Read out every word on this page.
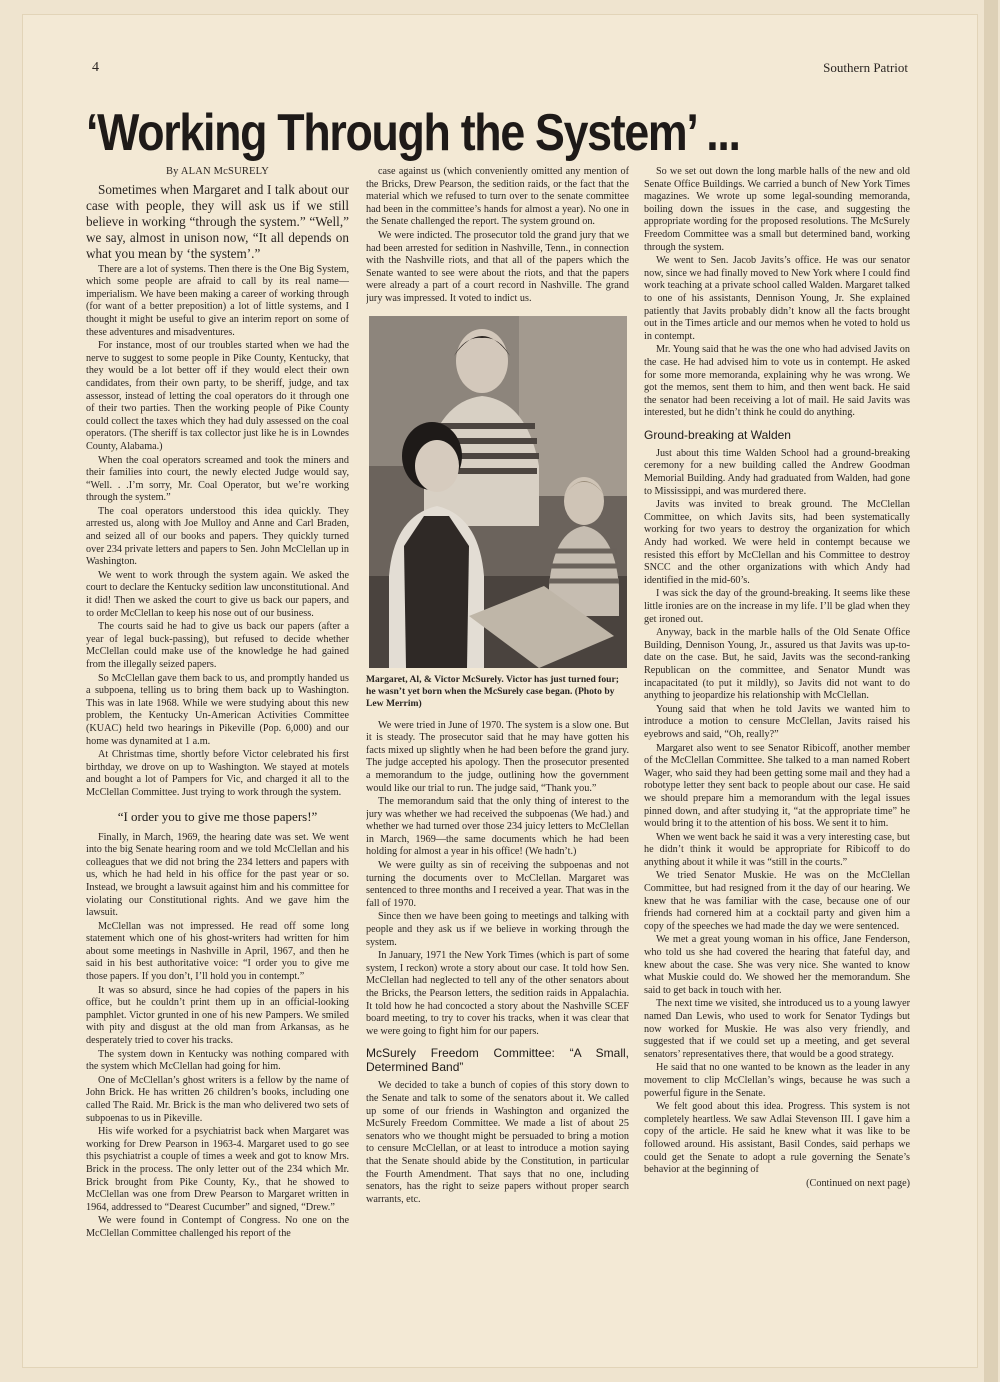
4	Southern Patriot
‘Working Through the System’ ...
By ALAN McSURELY

Sometimes when Margaret and I talk about our case with people, they will ask us if we still believe in working “through the system.” “Well,” we say, almost in unison now, “It all depends on what you mean by ‘the system’.”

There are a lot of systems. Then there is the One Big System, which some people are afraid to call by its real name—imperialism. We have been making a career of working through (for want of a better preposition) a lot of little systems, and I thought it might be useful to give an interim report on some of these adventures and misadventures.

For instance, most of our troubles started when we had the nerve to suggest to some people in Pike County, Kentucky, that they would be a lot better off if they would elect their own candidates, from their own party, to be sheriff, judge, and tax assessor, instead of letting the coal operators do it through one of their two parties. Then the working people of Pike County could collect the taxes which they had duly assessed on the coal operators. (The sheriff is tax collector just like he is in Lowndes County, Alabama.)

When the coal operators screamed and took the miners and their families into court, the newly elected Judge would say, “Well. . .I’m sorry, Mr. Coal Operator, but we’re working through the system.”

The coal operators understood this idea quickly. They arrested us, along with Joe Mulloy and Anne and Carl Braden, and seized all of our books and papers. They quickly turned over 234 private letters and papers to Sen. John McClellan up in Washington.

We went to work through the system again. We asked the court to declare the Kentucky sedition law unconstitutional. And it did! Then we asked the court to give us back our papers, and to order McClellan to keep his nose out of our business.

The courts said he had to give us back our papers (after a year of legal buck-passing), but refused to decide whether McClellan could make use of the knowledge he had gained from the illegally seized papers.

So McClellan gave them back to us, and promptly handed us a subpoena, telling us to bring them back up to Washington. This was in late 1968. While we were studying about this new problem, the Kentucky Un-American Activities Committee (KUAC) held two hearings in Pikeville (Pop. 6,000) and our home was dynamited at 1 a.m.

At Christmas time, shortly before Victor celebrated his first birthday, we drove on up to Washington. We stayed at motels and bought a lot of Pampers for Vic, and charged it all to the McClellan Committee. Just trying to work through the system.

“I order you to give me those papers!”

Finally, in March, 1969, the hearing date was set. We went into the big Senate hearing room and we told McClellan and his colleagues that we did not bring the 234 letters and papers with us, which he had held in his office for the past year or so. Instead, we brought a lawsuit against him and his committee for violating our Constitutional rights. And we gave him the lawsuit.

McClellan was not impressed. He read off some long statement which one of his ghost-writers had written for him about some meetings in Nashville in April, 1967, and then he said in his best authoritative voice: “I order you to give me those papers. If you don’t, I’ll hold you in contempt.”

It was so absurd, since he had copies of the papers in his office, but he couldn’t print them up in an official-looking pamphlet. Victor grunted in one of his new Pampers. We smiled with pity and disgust at the old man from Arkansas, as he desperately tried to cover his tracks.

The system down in Kentucky was nothing compared with the system which McClellan had going for him.

One of McClellan’s ghost writers is a fellow by the name of John Brick. He has written 26 children’s books, including one called The Raid. Mr. Brick is the man who delivered two sets of subpoenas to us in Pikeville.

His wife worked for a psychiatrist back when Margaret was working for Drew Pearson in 1963-4. Margaret used to go see this psychiatrist a couple of times a week and got to know Mrs. Brick in the process. The only letter out of the 234 which Mr. Brick brought from Pike County, Ky., that he showed to McClellan was one from Drew Pearson to Margaret written in 1964, addressed to “Dearest Cucumber” and signed, “Drew.”

We were found in Contempt of Congress. No one on the McClellan Committee challenged his report of the

case against us (which conveniently omitted any mention of the Bricks, Drew Pearson, the sedition raids, or the fact that the material which we refused to turn over to the senate committee had been in the committee’s hands for almost a year). No one in the Senate challenged the report. The system ground on.

We were indicted. The prosecutor told the grand jury that we had been arrested for sedition in Nashville, Tenn., in connection with the Nashville riots, and that all of the papers which the Senate wanted to see were about the riots, and that the papers were already a part of a court record in Nashville. The grand jury was impressed. It voted to indict us.

Margaret, Al, & Victor McSurely. Victor has just turned four; he wasn’t yet born when the McSurely case began. (Photo by Lew Merrim)

We were tried in June of 1970. The system is a slow one. But it is steady. The prosecutor said that he may have gotten his facts mixed up slightly when he had been before the grand jury. The judge accepted his apology. Then the prosecutor presented a memorandum to the judge, outlining how the government would like our trial to run. The judge said, “Thank you.”

The memorandum said that the only thing of interest to the jury was whether we had received the subpoenas (We had.) and whether we had turned over those 234 juicy letters to McClellan in March, 1969—the same documents which he had been holding for almost a year in his office! (We hadn’t.)

We were guilty as sin of receiving the subpoenas and not turning the documents over to McClellan. Margaret was sentenced to three months and I received a year. That was in the fall of 1970.

Since then we have been going to meetings and talking with people and they ask us if we believe in working through the system.

In January, 1971 the New York Times (which is part of some system, I reckon) wrote a story about our case. It told how Sen. McClellan had neglected to tell any of the other senators about the Bricks, the Pearson letters, the sedition raids in Appalachia. It told how he had concocted a story about the Nashville SCEF board meeting, to try to cover his tracks, when it was clear that we were going to fight him for our papers.

McSurely Freedom Committee: “A Small, Determined Band”

We decided to take a bunch of copies of this story down to the Senate and talk to some of the senators about it. We called up some of our friends in Washington and organized the McSurely Freedom Committee. We made a list of about 25 senators who we thought might be persuaded to bring a motion to censure McClellan, or at least to introduce a motion saying that the Senate should abide by the Constitution, in particular the Fourth Amendment. That says that no one, including senators, has the right to seize papers without proper search warrants, etc.

So we set out down the long marble halls of the new and old Senate Office Buildings. We carried a bunch of New York Times magazines. We wrote up some legal-sounding memoranda, boiling down the issues in the case, and suggesting the appropriate wording for the proposed resolutions. The McSurely Freedom Committee was a small but determined band, working through the system.

We went to Sen. Jacob Javits’s office. He was our senator now, since we had finally moved to New York where I could find work teaching at a private school called Walden. Margaret talked to one of his assistants, Dennison Young, Jr. She explained patiently that Javits probably didn’t know all the facts brought out in the Times article and our memos when he voted to hold us in contempt.

Mr. Young said that he was the one who had advised Javits on the case. He had advised him to vote us in contempt. He asked for some more memoranda, explaining why he was wrong. We got the memos, sent them to him, and then went back. He said the senator had been receiving a lot of mail. He said Javits was interested, but he didn’t think he could do anything.

Ground-breaking at Walden

Just about this time Walden School had a ground-breaking ceremony for a new building called the Andrew Goodman Memorial Building. Andy had graduated from Walden, had gone to Mississippi, and was murdered there.

Javits was invited to break ground. The McClellan Committee, on which Javits sits, had been systematically working for two years to destroy the organization for which Andy had worked. We were held in contempt because we resisted this effort by McClellan and his Committee to destroy SNCC and the other organizations with which Andy had identified in the mid-60’s.

I was sick the day of the ground-breaking. It seems like these little ironies are on the increase in my life. I’ll be glad when they get ironed out.

Anyway, back in the marble halls of the Old Senate Office Building, Dennison Young, Jr., assured us that Javits was up-to-date on the case. But, he said, Javits was the second-ranking Republican on the committee, and Senator Mundt was incapacitated (to put it mildly), so Javits did not want to do anything to jeopardize his relationship with McClellan.

Young said that when he told Javits we wanted him to introduce a motion to censure McClellan, Javits raised his eyebrows and said, “Oh, really?”

Margaret also went to see Senator Ribicoff, another member of the McClellan Committee. She talked to a man named Robert Wager, who said they had been getting some mail and they had a robotype letter they sent back to people about our case. He said we should prepare him a memorandum with the legal issues pinned down, and after studying it, “at the appropriate time” he would bring it to the attention of his boss. We sent it to him.

When we went back he said it was a very interesting case, but he didn’t think it would be appropriate for Ribicoff to do anything about it while it was “still in the courts.”

We tried Senator Muskie. He was on the McClellan Committee, but had resigned from it the day of our hearing. We knew that he was familiar with the case, because one of our friends had cornered him at a cocktail party and given him a copy of the speeches we had made the day we were sentenced.

We met a great young woman in his office, Jane Fenderson, who told us she had covered the hearing that fateful day, and knew about the case. She was very nice. She wanted to know what Muskie could do. We showed her the memorandum. She said to get back in touch with her.

The next time we visited, she introduced us to a young lawyer named Dan Lewis, who used to work for Senator Tydings but now worked for Muskie. He was also very friendly, and suggested that if we could set up a meeting, and get several senators’ representatives there, that would be a good strategy.

He said that no one wanted to be known as the leader in any movement to clip McClellan’s wings, because he was such a powerful figure in the Senate.

We felt good about this idea. Progress. This system is not completely heartless. We saw Adlai Stevenson III. I gave him a copy of the article. He said he knew what it was like to be followed around. His assistant, Basil Condes, said perhaps we could get the Senate to adopt a rule governing the Senate’s behavior at the beginning of

(Continued on next page)
